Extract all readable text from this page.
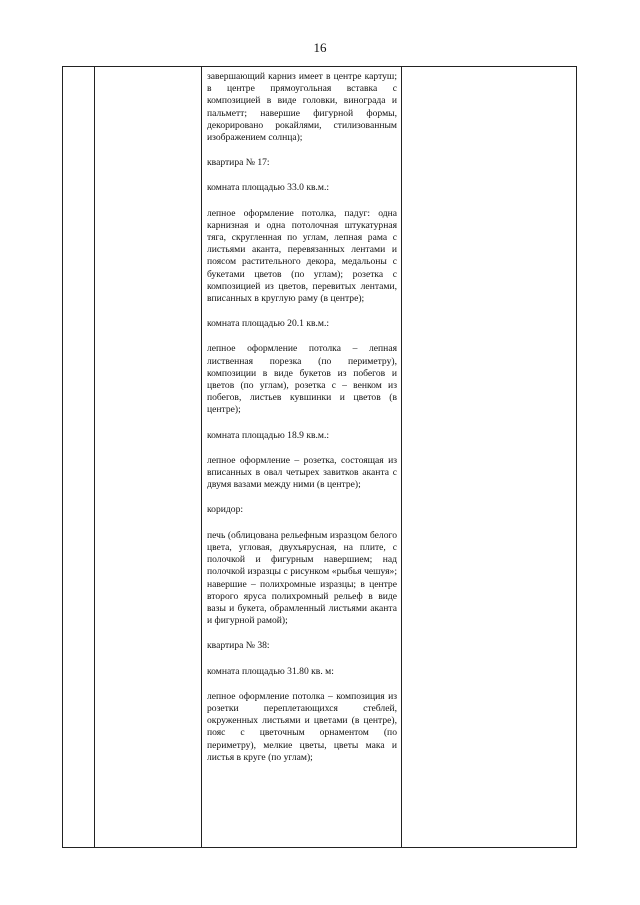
16

завершающий карниз имеет в центре картуш; в центре прямоугольная вставка с композицией в виде головки, винограда и пальметт; навершие фигурной формы, декорировано рокайлями, стилизованным изображением солнца);

квартира № 17:

комната площадью 33.0 кв.м.:

лепное оформление потолка, падуг: одна карнизная и одна потолочная штукатурная тяга, скругленная по углам, лепная рама с листьями аканта, перевязанных лентами и поясом растительного декора, медальоны с букетами цветов (по углам); розетка с композицией из цветов, перевитых лентами, вписанных в круглую раму (в центре);

комната площадью 20.1 кв.м.:

лепное оформление потолка – лепная лиственная порезка (по периметру), композиции в виде букетов из побегов и цветов (по углам), розетка с – венком из побегов, листьев кувшинки и цветов (в центре);

комната площадью 18.9 кв.м.:

лепное оформление – розетка, состоящая из вписанных в овал четырех завитков аканта с двумя вазами между ними (в центре);

коридор:

печь (облицована рельефным изразцом белого цвета, угловая, двухъярусная, на плите, с полочкой и фигурным навершием; над полочкой изразцы с рисунком «рыбья чешуя»; навершие – полихромные изразцы; в центре второго яруса полихромный рельеф в виде вазы и букета, обрамленный листьями аканта и фигурной рамой);

квартира № 38:

комната площадью 31.80 кв. м:

лепное оформление потолка – композиция из розетки переплетающихся стеблей, окруженных листьями и цветами (в центре), пояс с цветочным орнаментом (по периметру), мелкие цветы, цветы мака и листья в круге (по углам);
